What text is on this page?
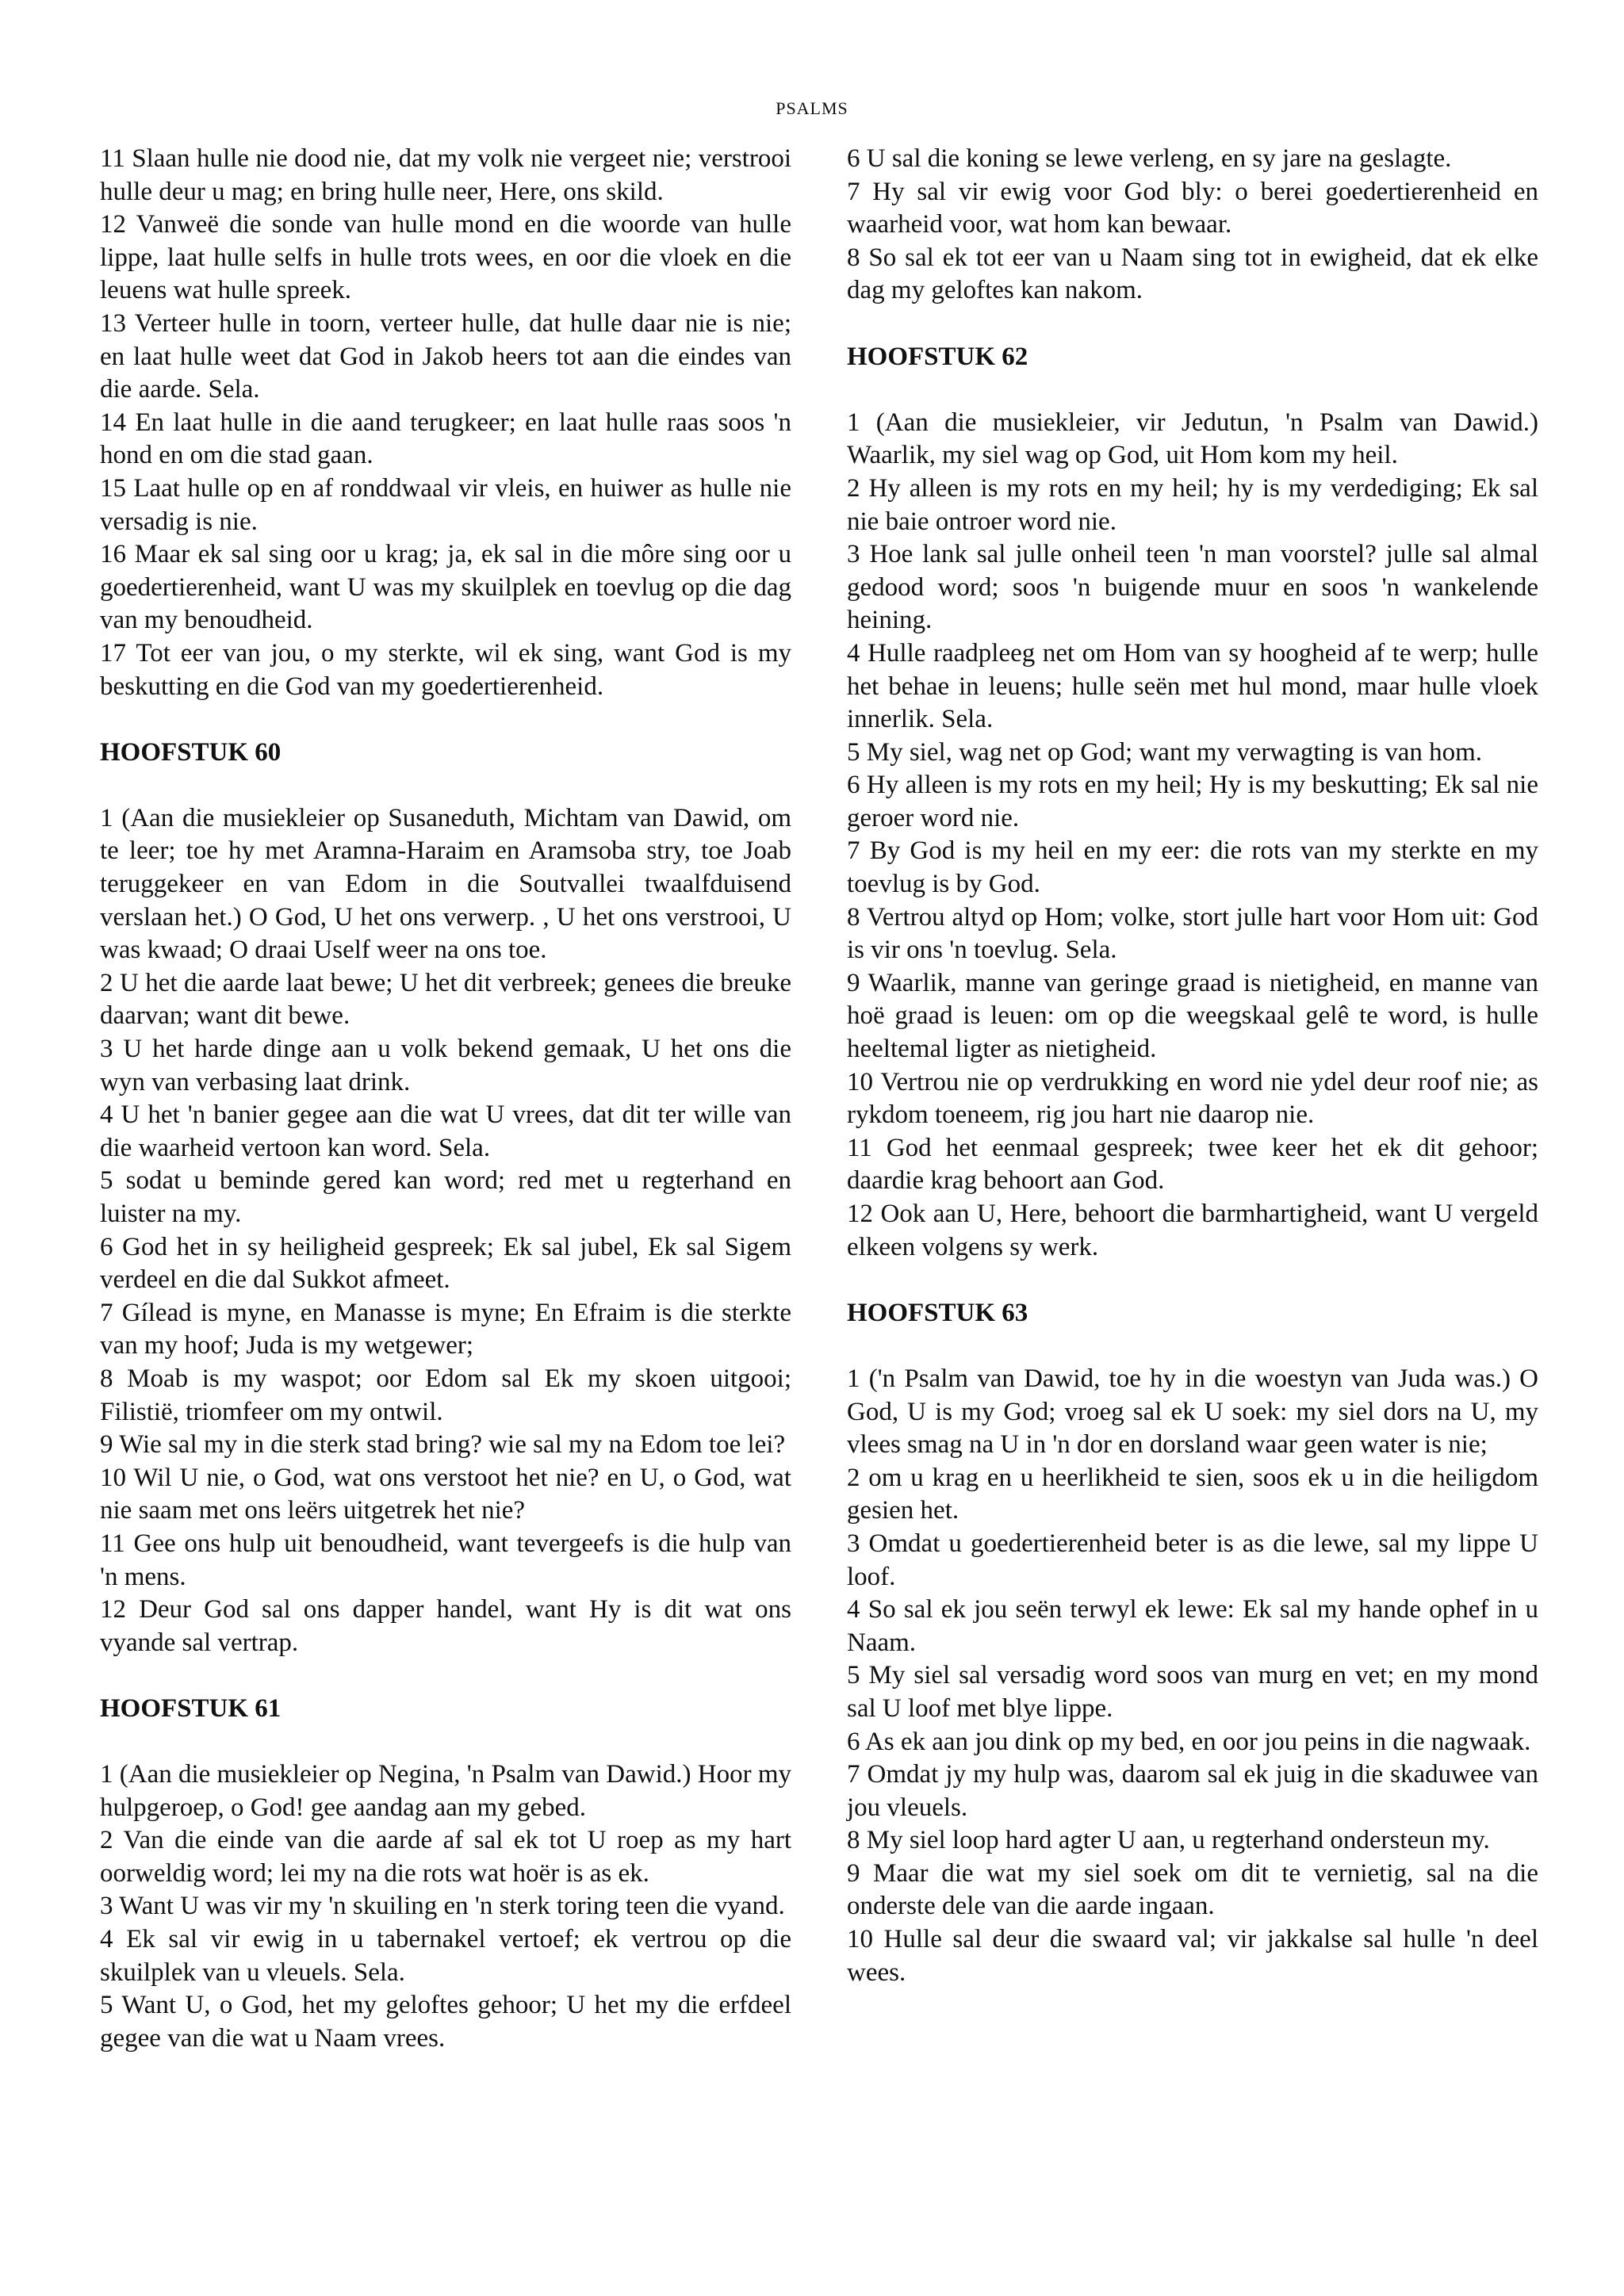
PSALMS
11 Slaan hulle nie dood nie, dat my volk nie vergeet nie; verstrooi hulle deur u mag; en bring hulle neer, Here, ons skild.
12 Vanweë die sonde van hulle mond en die woorde van hulle lippe, laat hulle selfs in hulle trots wees, en oor die vloek en die leuens wat hulle spreek.
13 Verteer hulle in toorn, verteer hulle, dat hulle daar nie is nie; en laat hulle weet dat God in Jakob heers tot aan die eindes van die aarde. Sela.
14 En laat hulle in die aand terugkeer; en laat hulle raas soos 'n hond en om die stad gaan.
15 Laat hulle op en af ronddwaal vir vleis, en huiwer as hulle nie versadig is nie.
16 Maar ek sal sing oor u krag; ja, ek sal in die môre sing oor u goedertierenheid, want U was my skuilplek en toevlug op die dag van my benoudheid.
17 Tot eer van jou, o my sterkte, wil ek sing, want God is my beskutting en die God van my goedertierenheid.
HOOFSTUK 60
1 (Aan die musiekleier op Susaneduth, Michtam van Dawid, om te leer; toe hy met Aramna-Haraim en Aramsoba stry, toe Joab teruggekeer en van Edom in die Soutvallei twaalfduisend verslaan het.) O God, U het ons verwerp. , U het ons verstrooi, U was kwaad; O draai Uself weer na ons toe.
2 U het die aarde laat bewe; U het dit verbreek; genees die breuke daarvan; want dit bewe.
3 U het harde dinge aan u volk bekend gemaak, U het ons die wyn van verbasing laat drink.
4 U het 'n banier gegee aan die wat U vrees, dat dit ter wille van die waarheid vertoon kan word. Sela.
5 sodat u beminde gered kan word; red met u regterhand en luister na my.
6 God het in sy heiligheid gespreek; Ek sal jubel, Ek sal Sigem verdeel en die dal Sukkot afmeet.
7 Gílead is myne, en Manasse is myne; En Efraim is die sterkte van my hoof; Juda is my wetgewer;
8 Moab is my waspot; oor Edom sal Ek my skoen uitgooi; Filistië, triomfeer om my ontwil.
9 Wie sal my in die sterk stad bring? wie sal my na Edom toe lei?
10 Wil U nie, o God, wat ons verstoot het nie? en U, o God, wat nie saam met ons leërs uitgetrek het nie?
11 Gee ons hulp uit benoudheid, want tevergeefs is die hulp van 'n mens.
12 Deur God sal ons dapper handel, want Hy is dit wat ons vyande sal vertrap.
HOOFSTUK 61
1 (Aan die musiekleier op Negina, 'n Psalm van Dawid.) Hoor my hulpgeroep, o God! gee aandag aan my gebed.
2 Van die einde van die aarde af sal ek tot U roep as my hart oorweldig word; lei my na die rots wat hoër is as ek.
3 Want U was vir my 'n skuiling en 'n sterk toring teen die vyand.
4 Ek sal vir ewig in u tabernakel vertoef; ek vertrou op die skuilplek van u vleuels. Sela.
5 Want U, o God, het my geloftes gehoor; U het my die erfdeel gegee van die wat u Naam vrees.
6 U sal die koning se lewe verleng, en sy jare na geslagte.
7 Hy sal vir ewig voor God bly: o berei goedertierenheid en waarheid voor, wat hom kan bewaar.
8 So sal ek tot eer van u Naam sing tot in ewigheid, dat ek elke dag my geloftes kan nakom.
HOOFSTUK 62
1 (Aan die musiekleier, vir Jedutun, 'n Psalm van Dawid.) Waarlik, my siel wag op God, uit Hom kom my heil.
2 Hy alleen is my rots en my heil; hy is my verdediging; Ek sal nie baie ontroer word nie.
3 Hoe lank sal julle onheil teen 'n man voorstel? julle sal almal gedood word; soos 'n buigende muur en soos 'n wankelende heining.
4 Hulle raadpleeg net om Hom van sy hoogheid af te werp; hulle het behae in leuens; hulle seën met hul mond, maar hulle vloek innerlik. Sela.
5 My siel, wag net op God; want my verwagting is van hom.
6 Hy alleen is my rots en my heil; Hy is my beskutting; Ek sal nie geroer word nie.
7 By God is my heil en my eer: die rots van my sterkte en my toevlug is by God.
8 Vertrou altyd op Hom; volke, stort julle hart voor Hom uit: God is vir ons 'n toevlug. Sela.
9 Waarlik, manne van geringe graad is nietigheid, en manne van hoë graad is leuen: om op die weegskaal gelê te word, is hulle heeltemal ligter as nietigheid.
10 Vertrou nie op verdrukking en word nie ydel deur roof nie; as rykdom toeneem, rig jou hart nie daarop nie.
11 God het eenmaal gespreek; twee keer het ek dit gehoor; daardie krag behoort aan God.
12 Ook aan U, Here, behoort die barmhartigheid, want U vergeld elkeen volgens sy werk.
HOOFSTUK 63
1 ('n Psalm van Dawid, toe hy in die woestyn van Juda was.) O God, U is my God; vroeg sal ek U soek: my siel dors na U, my vlees smag na U in 'n dor en dorsland waar geen water is nie;
2 om u krag en u heerlikheid te sien, soos ek u in die heiligdom gesien het.
3 Omdat u goedertierenheid beter is as die lewe, sal my lippe U loof.
4 So sal ek jou seën terwyl ek lewe: Ek sal my hande ophef in u Naam.
5 My siel sal versadig word soos van murg en vet; en my mond sal U loof met blye lippe.
6 As ek aan jou dink op my bed, en oor jou peins in die nagwaak.
7 Omdat jy my hulp was, daarom sal ek juig in die skaduwee van jou vleuels.
8 My siel loop hard agter U aan, u regterhand ondersteun my.
9 Maar die wat my siel soek om dit te vernietig, sal na die onderste dele van die aarde ingaan.
10 Hulle sal deur die swaard val; vir jakkalse sal hulle 'n deel wees.
